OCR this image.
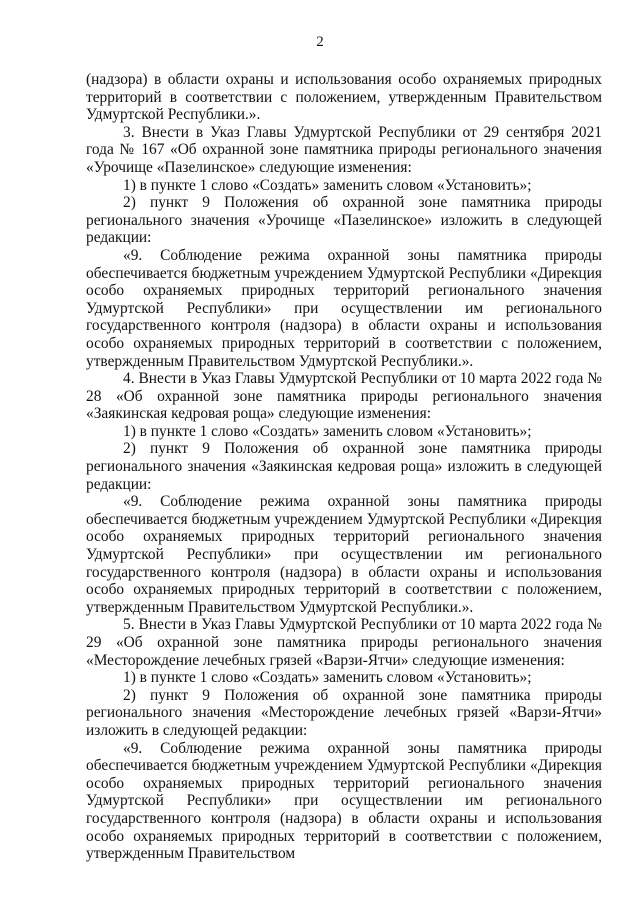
2

(надзора) в области охраны и использования особо охраняемых природных территорий в соответствии с положением, утвержденным Правительством Удмуртской Республики.».

3. Внести в Указ Главы Удмуртской Республики от 29 сентября 2021 года № 167 «Об охранной зоне памятника природы регионального значения «Урочище «Пазелинское» следующие изменения:

1) в пункте 1 слово «Создать» заменить словом «Установить»;

2) пункт 9 Положения об охранной зоне памятника природы регионального значения «Урочище «Пазелинское» изложить в следующей редакции:

«9. Соблюдение режима охранной зоны памятника природы обеспечивается бюджетным учреждением Удмуртской Республики «Дирекция особо охраняемых природных территорий регионального значения Удмуртской Республики» при осуществлении им регионального государственного контроля (надзора) в области охраны и использования особо охраняемых природных территорий в соответствии с положением, утвержденным Правительством Удмуртской Республики.».

4. Внести в Указ Главы Удмуртской Республики от 10 марта 2022 года № 28 «Об охранной зоне памятника природы регионального значения «Заякинская кедровая роща» следующие изменения:

1) в пункте 1 слово «Создать» заменить словом «Установить»;

2) пункт 9 Положения об охранной зоне памятника природы регионального значения «Заякинская кедровая роща» изложить в следующей редакции:

«9. Соблюдение режима охранной зоны памятника природы обеспечивается бюджетным учреждением Удмуртской Республики «Дирекция особо охраняемых природных территорий регионального значения Удмуртской Республики» при осуществлении им регионального государственного контроля (надзора) в области охраны и использования особо охраняемых природных территорий в соответствии с положением, утвержденным Правительством Удмуртской Республики.».

5. Внести в Указ Главы Удмуртской Республики от 10 марта 2022 года № 29 «Об охранной зоне памятника природы регионального значения «Месторождение лечебных грязей «Варзи-Ятчи» следующие изменения:

1) в пункте 1 слово «Создать» заменить словом «Установить»;

2) пункт 9 Положения об охранной зоне памятника природы регионального значения «Месторождение лечебных грязей «Варзи-Ятчи» изложить в следующей редакции:

«9. Соблюдение режима охранной зоны памятника природы обеспечивается бюджетным учреждением Удмуртской Республики «Дирекция особо охраняемых природных территорий регионального значения Удмуртской Республики» при осуществлении им регионального государственного контроля (надзора) в области охраны и использования особо охраняемых природных территорий в соответствии с положением, утвержденным Правительством
